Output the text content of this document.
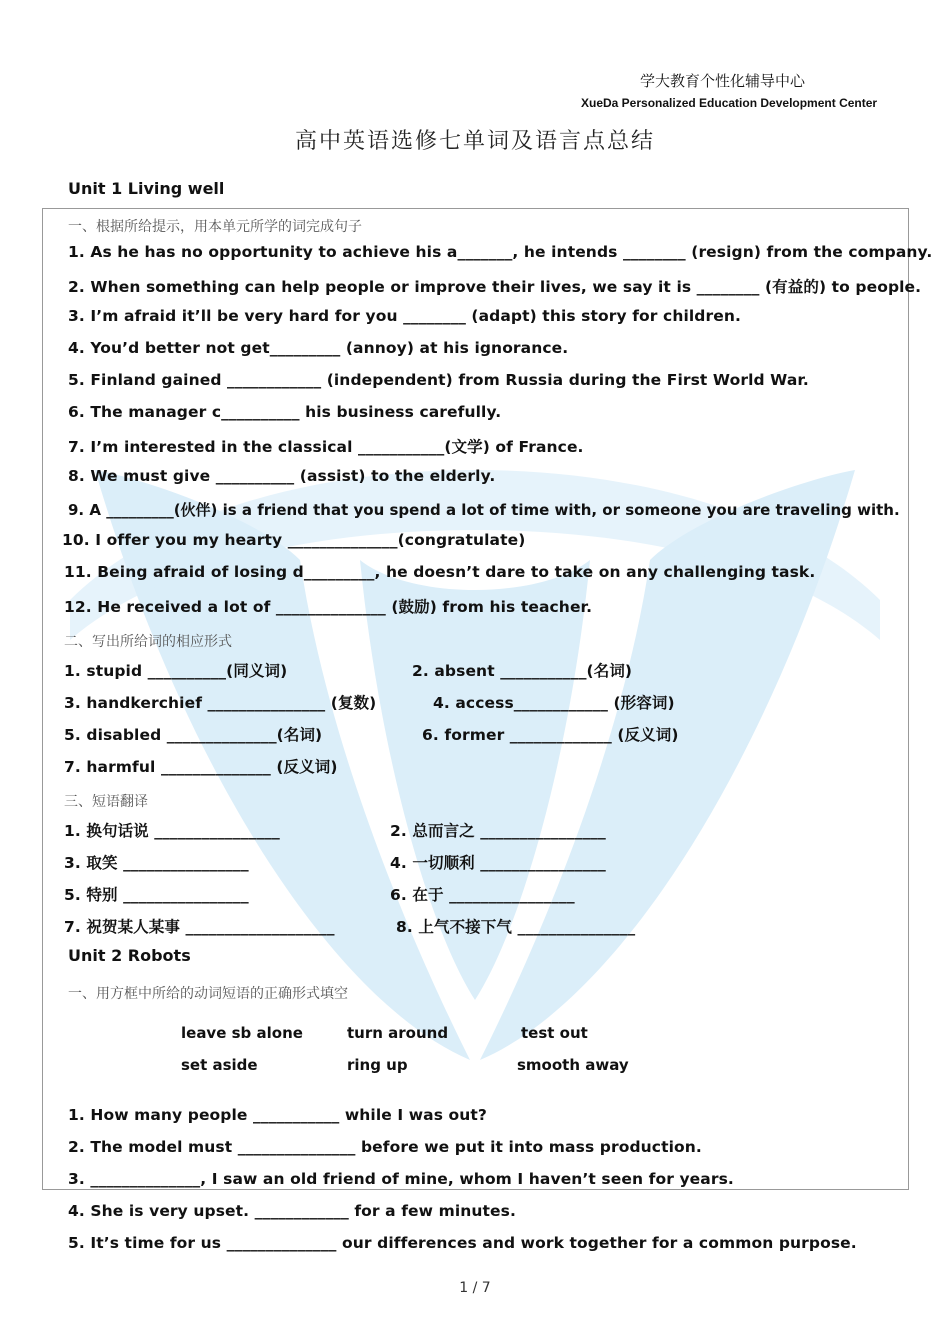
学大教育个性化辅导中心
XueDa Personalized Education Development Center
高中英语选修七单词及语言点总结
Unit 1 Living well
一、根据所给提示，用本单元所学的词完成句子
1. As he has no opportunity to achieve his a_______, he intends ________ (resign) from the company.
2. When something can help people or improve their lives, we say it is ________ (有益的) to people.
3. I’m afraid it’ll be very hard for you ________ (adapt) this story for children.
4. You’d better not get_________ (annoy) at his ignorance.
5. Finland gained ____________ (independent) from Russia during the First World War.
6. The manager c__________ his business carefully.
7. I’m interested in the classical ___________(文学) of France.
8. We must give __________ (assist) to the elderly.
9. A _________(伙伴) is a friend that you spend a lot of time with, or someone you are traveling with.
10. I offer you my hearty ______________(congratulate)
11. Being afraid of losing d_________, he doesn’t dare to take on any challenging task.
12. He received a lot of ______________ (鼓励) from his teacher.
二、写出所给词的相应形式
1. stupid __________(同义词)	2. absent ___________(名词)
3. handkerchief _______________ (复数)	4. access____________ (形容词)
5. disabled ______________(名词)	6. former _____________ (反义词)
7. harmful ______________ (反义词)
三、短语翻译
1. 换句话说 ________________	2. 总而言之 ________________
3. 取笑 ________________	4. 一切顺利 ________________
5. 特别 ________________	6. 在于 ________________
7. 祝贺某人某事 ___________________	8. 上气不接下气 _______________
Unit 2 Robots
一、用方框中所给的动词短语的正确形式填空
leave sb alone	turn around	test out
set aside	ring up	smooth away
1. How many people ___________ while I was out?
2. The model must _______________ before we put it into mass production.
3. ______________, I saw an old friend of mine, whom I haven’t seen for years.
4. She is very upset. ____________ for a few minutes.
5. It’s time for us ______________ our differences and work together for a common purpose.
1 / 7
